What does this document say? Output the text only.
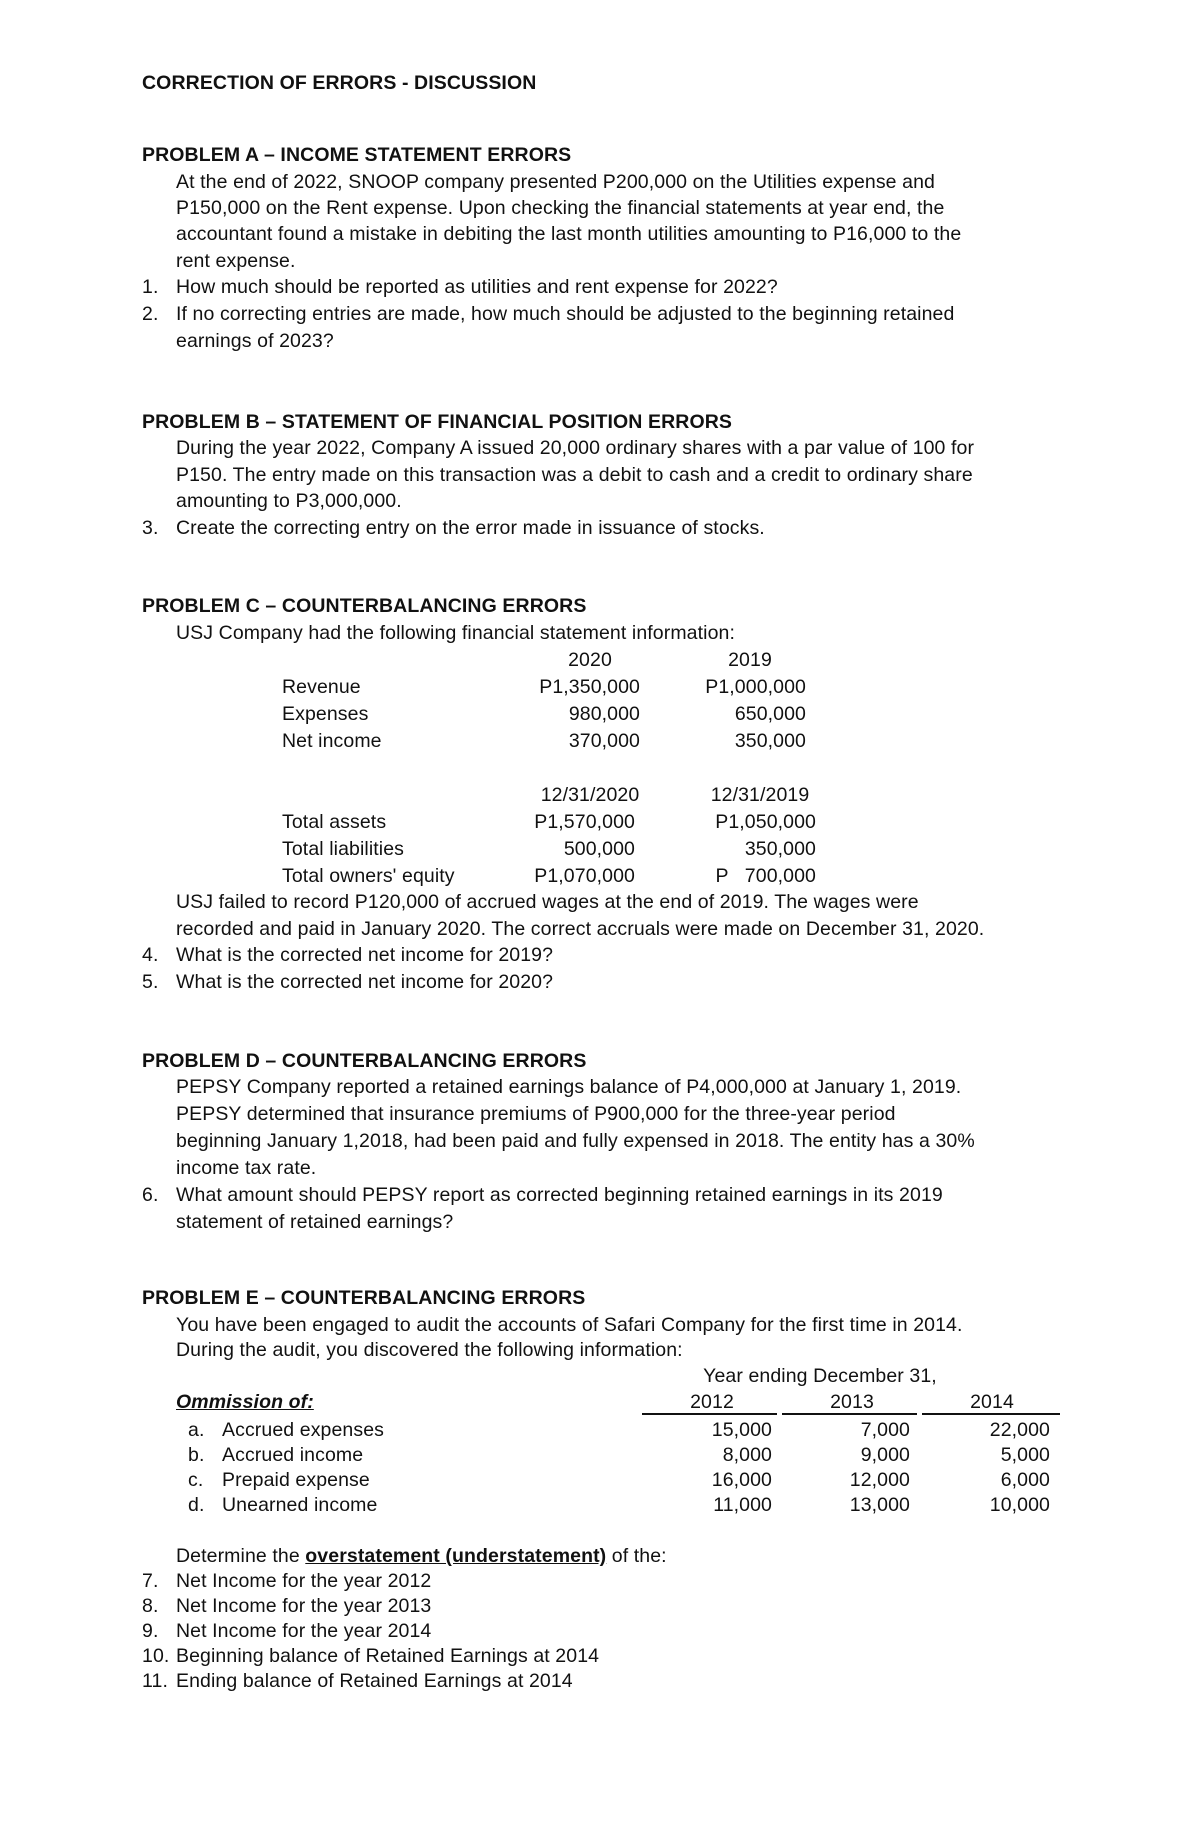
CORRECTION OF ERRORS - DISCUSSION
PROBLEM A – INCOME STATEMENT ERRORS
At the end of 2022, SNOOP company presented P200,000 on the Utilities expense and
P150,000 on the Rent expense. Upon checking the financial statements at year end, the
accountant found a mistake in debiting the last month utilities amounting to P16,000 to the
rent expense.
1. How much should be reported as utilities and rent expense for 2022?
2. If no correcting entries are made, how much should be adjusted to the beginning retained
earnings of 2023?
PROBLEM B – STATEMENT OF FINANCIAL POSITION ERRORS
During the year 2022, Company A issued 20,000 ordinary shares with a par value of 100 for
P150. The entry made on this transaction was a debit to cash and a credit to ordinary share
amounting to P3,000,000.
3. Create the correcting entry on the error made in issuance of stocks.
PROBLEM C – COUNTERBALANCING ERRORS
USJ Company had the following financial statement information:
2020	2019
Revenue	P1,350,000	P1,000,000
Expenses	980,000	650,000
Net income	370,000	350,000
12/31/2020	12/31/2019
Total assets	P1,570,000	P1,050,000
Total liabilities	500,000	350,000
Total owners' equity	P1,070,000	P   700,000
USJ failed to record P120,000 of accrued wages at the end of 2019. The wages were
recorded and paid in January 2020. The correct accruals were made on December 31, 2020.
4. What is the corrected net income for 2019?
5. What is the corrected net income for 2020?
PROBLEM D – COUNTERBALANCING ERRORS
PEPSY Company reported a retained earnings balance of P4,000,000 at January 1, 2019.
PEPSY determined that insurance premiums of P900,000 for the three-year period
beginning January 1,2018, had been paid and fully expensed in 2018. The entity has a 30%
income tax rate.
6. What amount should PEPSY report as corrected beginning retained earnings in its 2019
statement of retained earnings?
PROBLEM E – COUNTERBALANCING ERRORS
You have been engaged to audit the accounts of Safari Company for the first time in 2014.
During the audit, you discovered the following information:
Year ending December 31,
Ommission of:	2012	2013	2014
a. Accrued expenses	15,000	7,000	22,000
b. Accrued income	8,000	9,000	5,000
c. Prepaid expense	16,000	12,000	6,000
d. Unearned income	11,000	13,000	10,000
Determine the overstatement (understatement) of the:
7. Net Income for the year 2012
8. Net Income for the year 2013
9. Net Income for the year 2014
10. Beginning balance of Retained Earnings at 2014
11. Ending balance of Retained Earnings at 2014
